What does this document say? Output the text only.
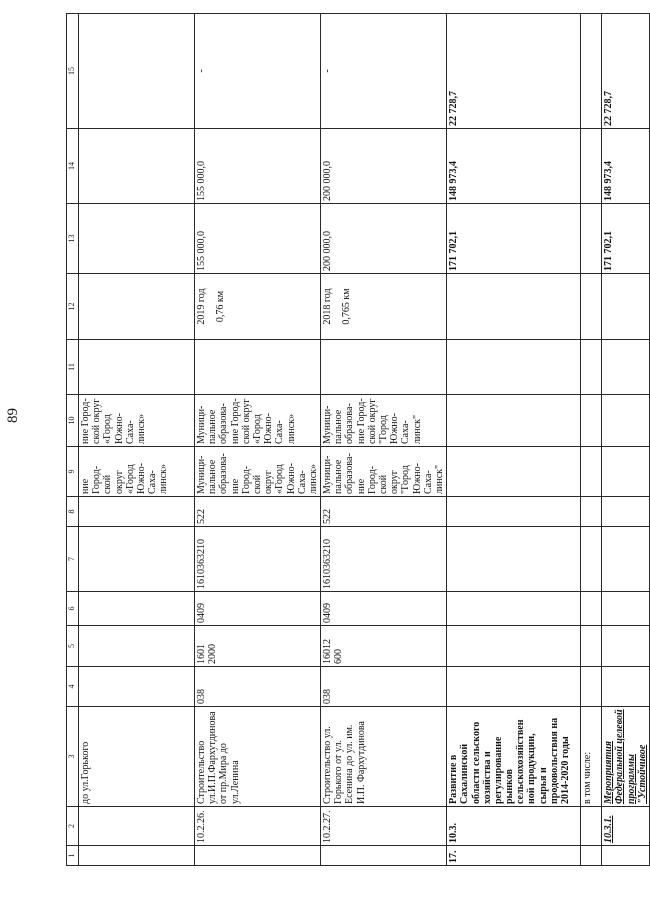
89
1	2	3	4	5	6	7	8	9	10	11	12	13	14	15
		до ул.Горького						ние Город-ской округ «Город Южно-Саха-линск»	ние Город-ской округ «Город Южно-Саха-линск»					
	10.2.26.	Строительство ул.И.П.Фархутдинова от пр.Мира до ул.Ленина	038	1601 2000	0409	1610363210	522	Муници-пальное образова-ние Город-ской округ «Город Южно-Саха-линск»	Муници-пальное образова-ние Город-ской округ «Город Южно-Саха-линск»		2019 год 0,76 км	155 000,0	155 000,0	-
	10.2.27.	Строительство ул. Горького от ул. Есенина до ул. им. И.П. Фархутдинова	038	16012 600	0409	1610363210	522	Муници-пальное образова-ние Город-ской округ "Город Южно-Саха-линск"	Муници-пальное образова-ние Город-ской округ "Город Южно-Саха-линск"		2018 год 0,765 км	200 000,0	200 000,0	-
17.	10.3.	Развитие в Сахалинской области сельского хозяйства и регулирование рынков сельскохозяйствен ной продукции, сырья и продовольствия на 2014-2020 годы										171 702,1	148 973,4	22 728,7
		в том числе:												
	10.3.1.	Мероприятия Федеральной целевой программы "Устойчивое										171 702,1	148 973,4	22 728,7
